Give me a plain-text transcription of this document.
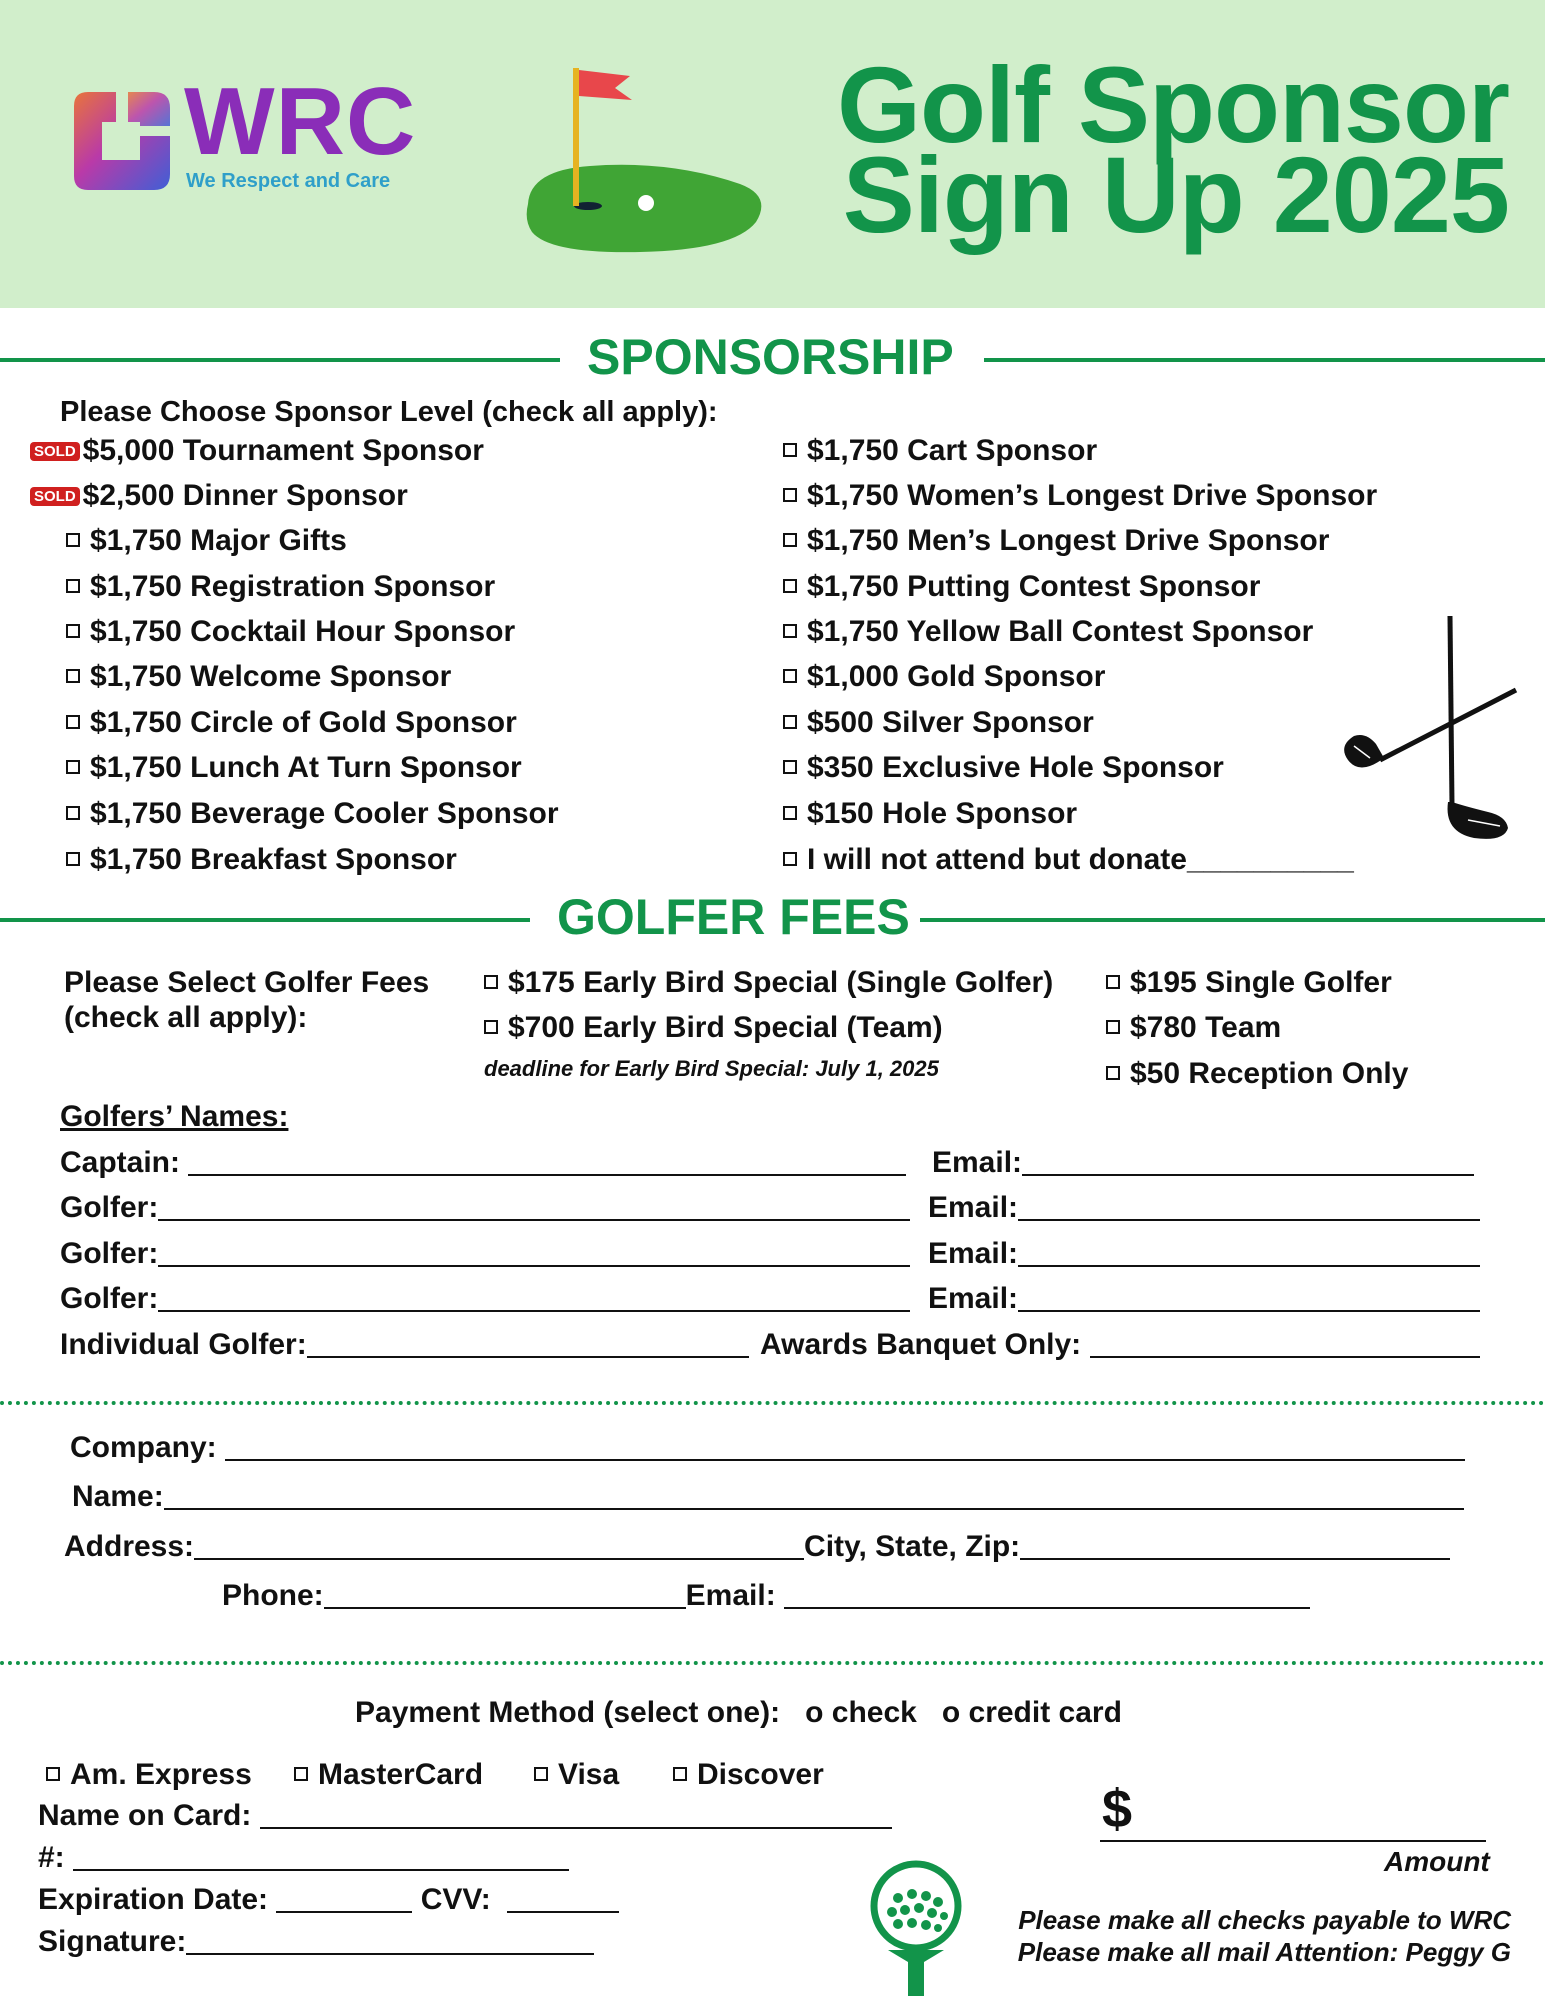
WRC
We Respect and Care
Golf Sponsor
Sign Up 2025
SPONSORSHIP
Please Choose Sponsor Level (check all apply):
SOLD $5,000 Tournament Sponsor
SOLD $2,500 Dinner Sponsor
$1,750 Major Gifts
$1,750 Registration Sponsor
$1,750 Cocktail Hour Sponsor
$1,750 Welcome Sponsor
$1,750 Circle of Gold Sponsor
$1,750 Lunch At Turn Sponsor
$1,750 Beverage Cooler Sponsor
$1,750 Breakfast Sponsor
$1,750 Cart Sponsor
$1,750 Women’s Longest Drive Sponsor
$1,750 Men’s Longest Drive Sponsor
$1,750 Putting Contest Sponsor
$1,750 Yellow Ball Contest Sponsor
$1,000 Gold Sponsor
$500 Silver Sponsor
$350 Exclusive Hole Sponsor
$150 Hole Sponsor
I will not attend but donate__________
GOLFER FEES
Please Select Golfer Fees
(check all apply):
$175 Early Bird Special (Single Golfer)
$700 Early Bird Special (Team)
deadline for Early Bird Special: July 1, 2025
$195 Single Golfer
$780 Team
$50 Reception Only
Golfers’ Names:
Captain:	Email:
Golfer:	Email:
Golfer:	Email:
Golfer:	Email:
Individual Golfer:	Awards Banquet Only:
Company:
Name:
Address:	City, State, Zip:
Phone:	Email:
Payment Method (select one): o check o credit card
Am. Express	MasterCard	Visa	Discover
Name on Card:
#:
Expiration Date:	CVV:
Signature:
$
Amount
Please make all checks payable to WRC
Please make all mail Attention: Peggy G
